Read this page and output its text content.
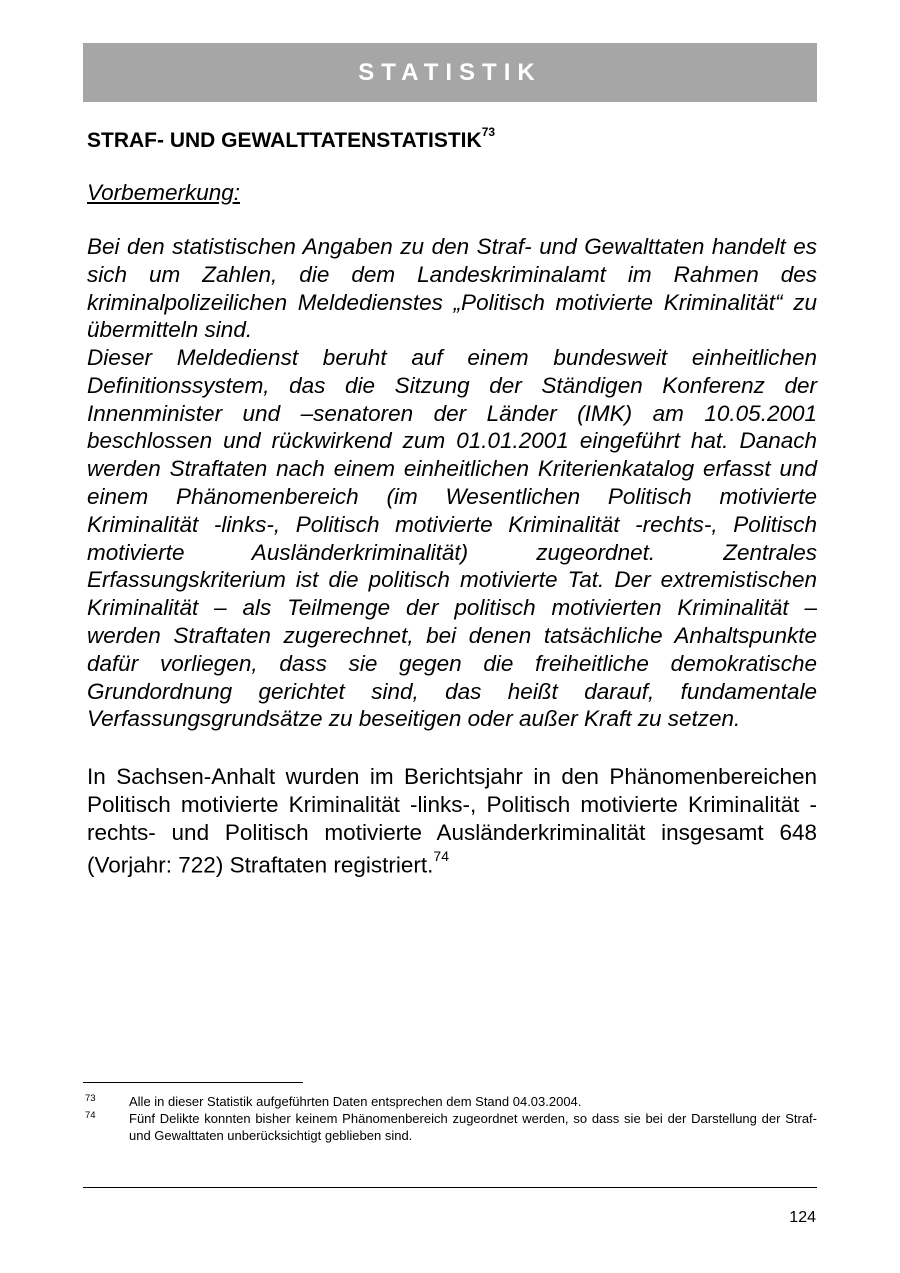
STATISTIK
STRAF- UND GEWALTTATENSTATISTIK$^{73}$
Vorbemerkung:

Bei den statistischen Angaben zu den Straf- und Gewalttaten handelt es sich um Zahlen, die dem Landeskriminalamt im Rahmen des kriminalpolizeilichen Meldedienstes „Politisch motivierte Kriminalität“ zu übermitteln sind.

Dieser Meldedienst beruht auf einem bundesweit einheitlichen Definitionssystem, das die Sitzung der Ständigen Konferenz der Innenminister und –senatoren der Länder (IMK) am 10.05.2001 beschlossen und rückwirkend zum 01.01.2001 eingeführt hat. Danach werden Straftaten nach einem einheitlichen Kriterienkatalog erfasst und einem Phänomenbereich (im Wesentlichen Politisch motivierte Kriminalität -links-, Politisch motivierte Kriminalität -rechts-, Politisch motivierte Ausländerkriminalität) zugeordnet. Zentrales Erfassungskriterium ist die politisch motivierte Tat. Der extremistischen Kriminalität – als Teilmenge der politisch motivierten Kriminalität – werden Straftaten zugerechnet, bei denen tatsächliche Anhaltspunkte dafür vorliegen, dass sie gegen die freiheitliche demokratische Grundordnung gerichtet sind, das heißt darauf, fundamentale Verfassungsgrundsätze zu beseitigen oder außer Kraft zu setzen.

In Sachsen-Anhalt wurden im Berichtsjahr in den Phänomenbereichen Politisch motivierte Kriminalität -links-, Politisch motivierte Kriminalität -rechts- und Politisch motivierte Ausländerkriminalität insgesamt 648 (Vorjahr: 722) Straftaten registriert.$^{74}$

73	Alle in dieser Statistik aufgeführten Daten entsprechen dem Stand 04.03.2004.
74	Fünf Delikte konnten bisher keinem Phänomenbereich zugeordnet werden, so dass sie bei der Darstellung der Straf- und Gewalttaten unberücksichtigt geblieben sind.
124
